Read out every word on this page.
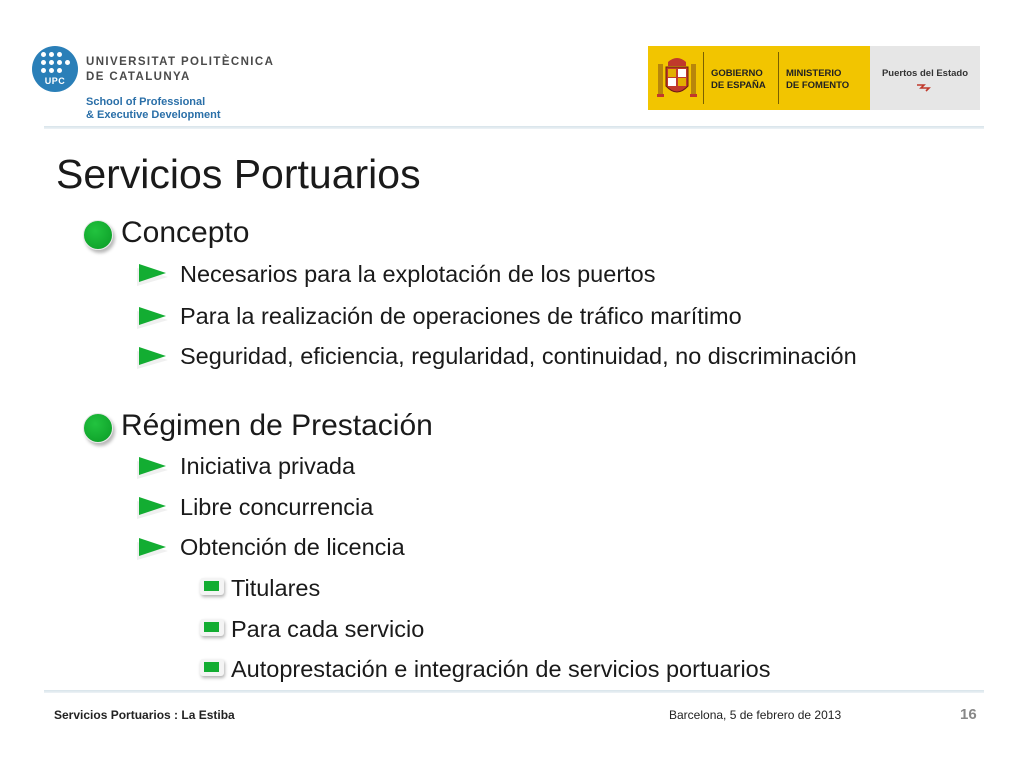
UPC
UNIVERSITAT POLITÈCNICA
DE CATALUNYA
School of Professional
& Executive Development
GOBIERNO
DE ESPAÑA
MINISTERIO
DE FOMENTO
Puertos del Estado
Servicios Portuarios
Concepto
Necesarios para la explotación de los puertos
Para la realización de operaciones de tráfico marítimo
Seguridad, eficiencia, regularidad, continuidad, no discriminación
Régimen de Prestación
Iniciativa privada
Libre concurrencia
Obtención de licencia
Titulares
Para cada servicio
Autoprestación e integración de servicios portuarios
Servicios Portuarios : La Estiba	Barcelona, 5 de febrero de 2013	16
